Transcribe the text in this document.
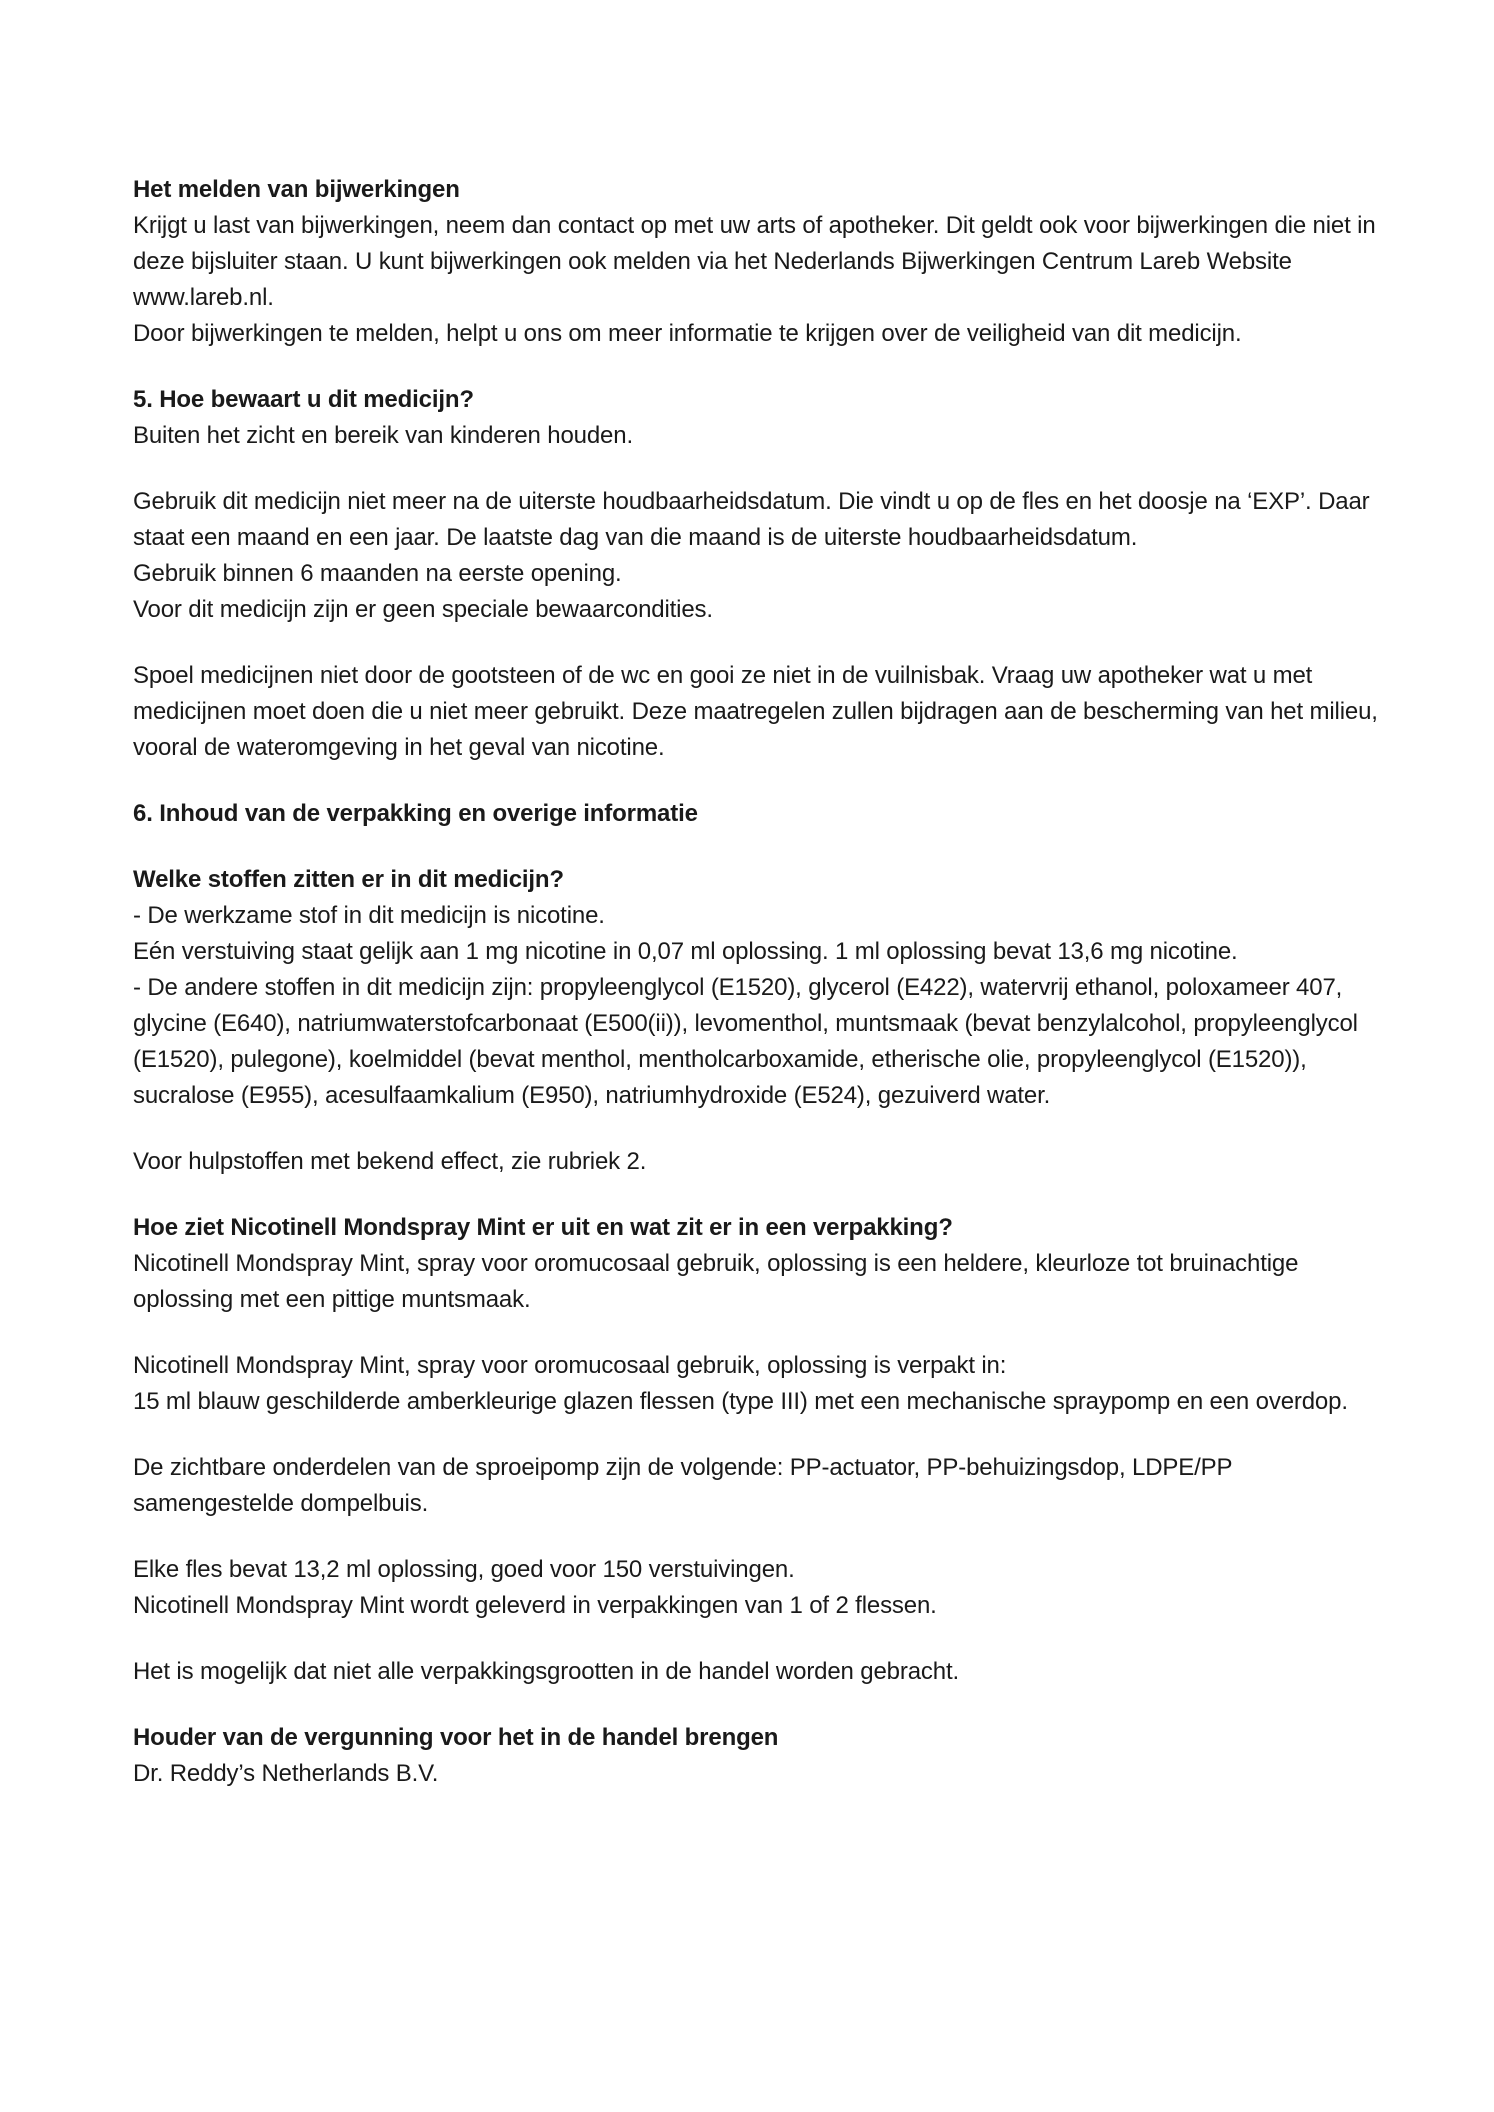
Het melden van bijwerkingen
Krijgt u last van bijwerkingen, neem dan contact op met uw arts of apotheker. Dit geldt ook voor bijwerkingen die niet in deze bijsluiter staan. U kunt bijwerkingen ook melden via het Nederlands Bijwerkingen Centrum Lareb Website www.lareb.nl.
Door bijwerkingen te melden, helpt u ons om meer informatie te krijgen over de veiligheid van dit medicijn.
5. Hoe bewaart u dit medicijn?
Buiten het zicht en bereik van kinderen houden.
Gebruik dit medicijn niet meer na de uiterste houdbaarheidsdatum. Die vindt u op de fles en het doosje na ‘EXP’. Daar staat een maand en een jaar. De laatste dag van die maand is de uiterste houdbaarheidsdatum.
Gebruik binnen 6 maanden na eerste opening.
Voor dit medicijn zijn er geen speciale bewaarcondities.
Spoel medicijnen niet door de gootsteen of de wc en gooi ze niet in de vuilnisbak. Vraag uw apotheker wat u met medicijnen moet doen die u niet meer gebruikt. Deze maatregelen zullen bijdragen aan de bescherming van het milieu, vooral de wateromgeving in het geval van nicotine.
6. Inhoud van de verpakking en overige informatie
Welke stoffen zitten er in dit medicijn?
- De werkzame stof in dit medicijn is nicotine.
Eén verstuiving staat gelijk aan 1 mg nicotine in 0,07 ml oplossing. 1 ml oplossing bevat 13,6 mg nicotine.
- De andere stoffen in dit medicijn zijn: propyleenglycol (E1520), glycerol (E422), watervrij ethanol, poloxameer 407, glycine (E640), natriumwaterstofcarbonaat (E500(ii)), levomenthol, muntsmaak (bevat benzylalcohol, propyleenglycol (E1520), pulegone), koelmiddel (bevat menthol, mentholcarboxamide, etherische olie, propyleenglycol (E1520)), sucralose (E955), acesulfaamkalium (E950), natriumhydroxide (E524), gezuiverd water.
Voor hulpstoffen met bekend effect, zie rubriek 2.
Hoe ziet Nicotinell Mondspray Mint er uit en wat zit er in een verpakking?
Nicotinell Mondspray Mint, spray voor oromucosaal gebruik, oplossing is een heldere, kleurloze tot bruinachtige oplossing met een pittige muntsmaak.
Nicotinell Mondspray Mint, spray voor oromucosaal gebruik, oplossing is verpakt in:
15 ml blauw geschilderde amberkleurige glazen flessen (type III) met een mechanische spraypomp en een overdop.
De zichtbare onderdelen van de sproeipomp zijn de volgende: PP-actuator, PP-behuizingsdop, LDPE/PP samengestelde dompelbuis.
Elke fles bevat 13,2 ml oplossing, goed voor 150 verstuivingen.
Nicotinell Mondspray Mint wordt geleverd in verpakkingen van 1 of 2 flessen.
Het is mogelijk dat niet alle verpakkingsgrootten in de handel worden gebracht.
Houder van de vergunning voor het in de handel brengen
Dr. Reddy’s Netherlands B.V.
